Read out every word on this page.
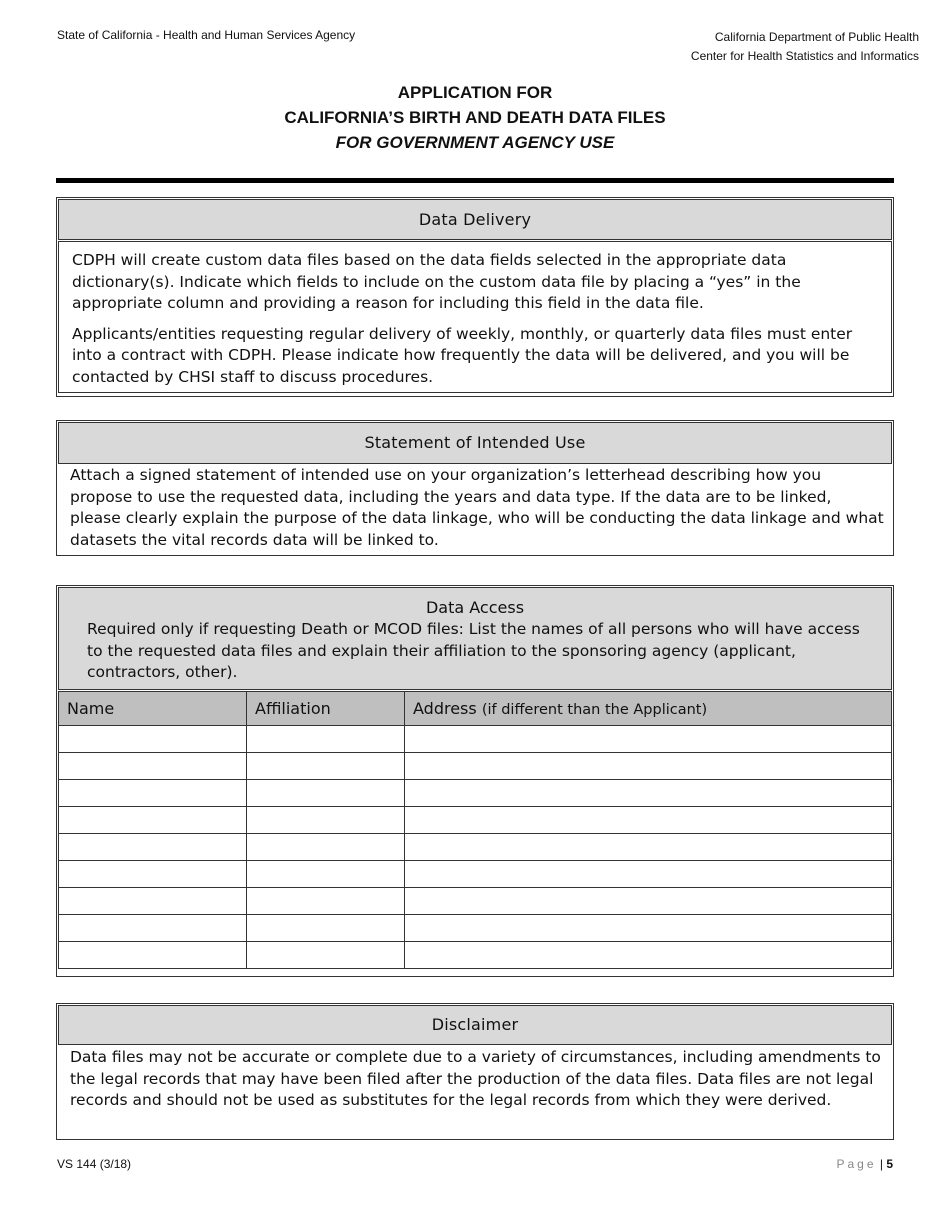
State of California - Health and Human Services Agency	California Department of Public Health
Center for Health Statistics and Informatics
APPLICATION FOR
CALIFORNIA’S BIRTH AND DEATH DATA FILES
FOR GOVERNMENT AGENCY USE
Data Delivery

CDPH will create custom data files based on the data fields selected in the appropriate data dictionary(s). Indicate which fields to include on the custom data file by placing a “yes” in the appropriate column and providing a reason for including this field in the data file.

Applicants/entities requesting regular delivery of weekly, monthly, or quarterly data files must enter into a contract with CDPH. Please indicate how frequently the data will be delivered, and you will be contacted by CHSI staff to discuss procedures.

Statement of Intended Use
Attach a signed statement of intended use on your organization’s letterhead describing how you propose to use the requested data, including the years and data type. If the data are to be linked, please clearly explain the purpose of the data linkage, who will be conducting the data linkage and what datasets the vital records data will be linked to.
Data Access
Required only if requesting Death or MCOD files: List the names of all persons who will have access to the requested data files and explain their affiliation to the sponsoring agency (applicant, contractors, other).
Name	Affiliation	Address (if different than the Applicant)

Disclaimer
Data files may not be accurate or complete due to a variety of circumstances, including amendments to the legal records that may have been filed after the production of the data files. Data files are not legal records and should not be used as substitutes for the legal records from which they were derived.
VS 144 (3/18)	Page | 5
